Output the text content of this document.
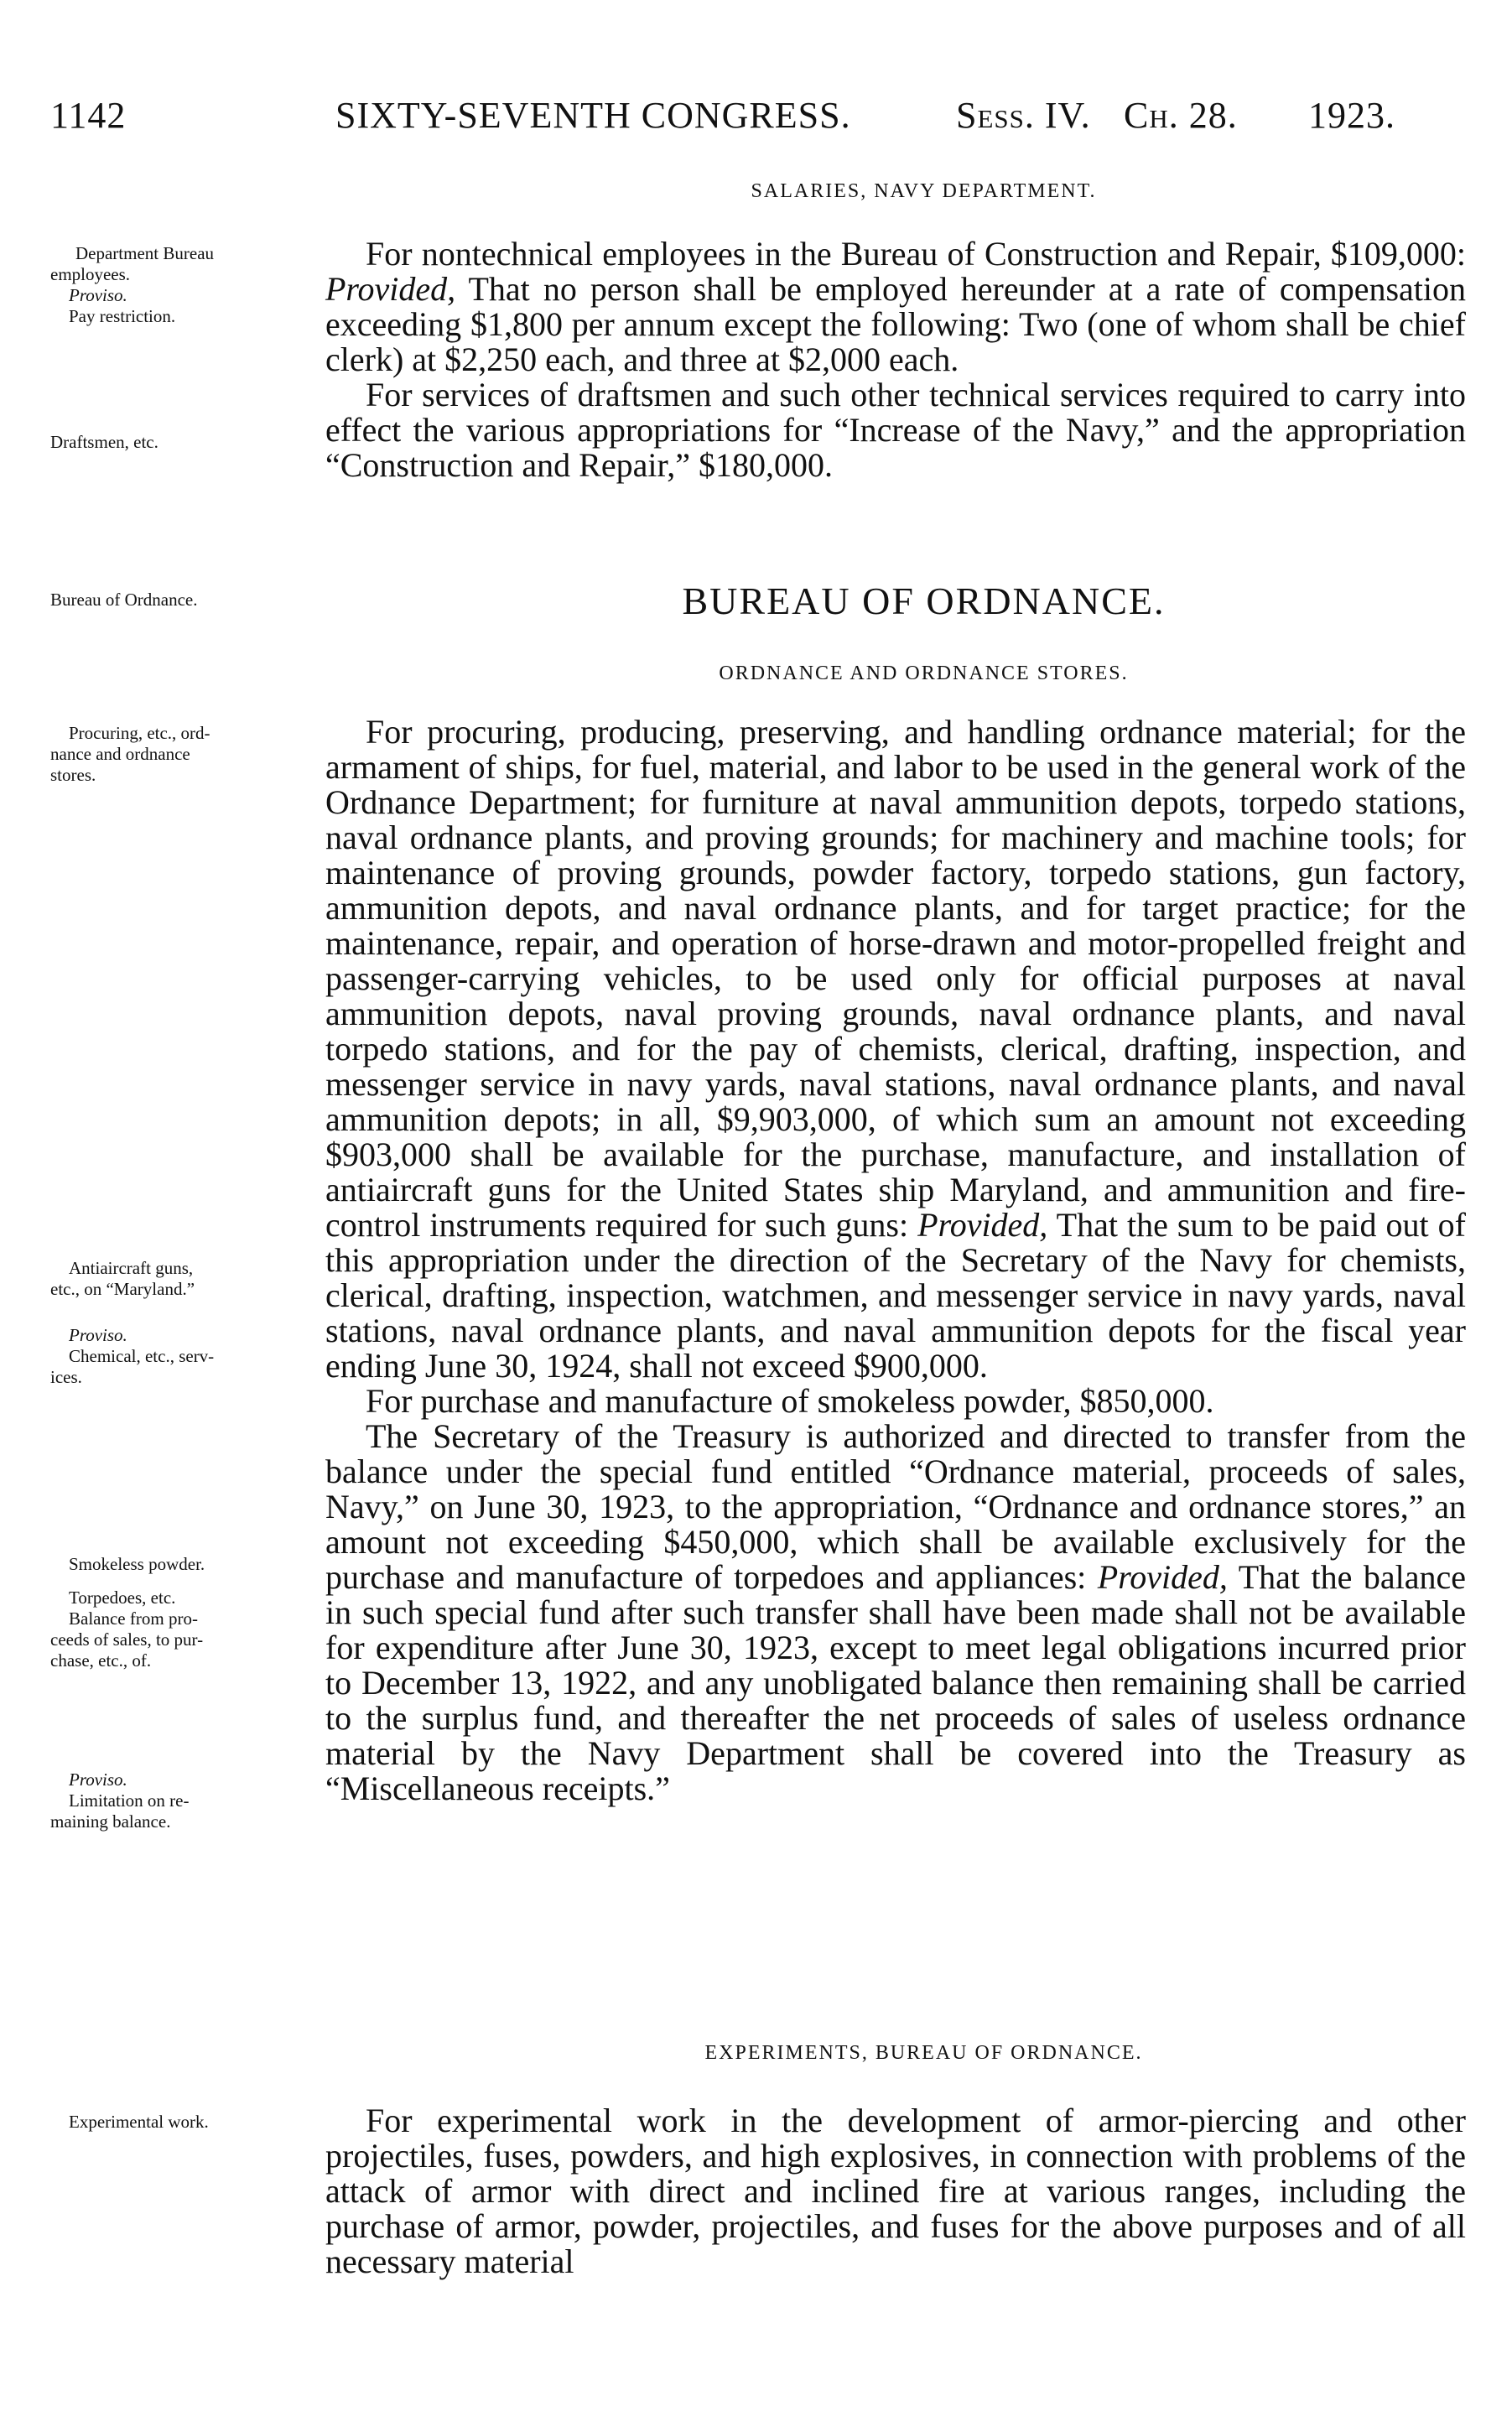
1142	SIXTY-SEVENTH CONGRESS.	Sess. IV. Ch. 28. 1923.
SALARIES, NAVY DEPARTMENT.
Department Bureau
employees.
Proviso.
Pay restriction.
Draftsmen, etc.
Bureau of Ordnance.
Procuring, etc., ord-
nance and ordnance
stores.
Antiaircraft guns,
etc., on “Maryland.”
Proviso.
Chemical, etc., serv-
ices.
Smokeless powder.
Torpedoes, etc.
Balance from pro-
ceeds of sales, to pur-
chase, etc., of.
Proviso.
Limitation on re-
maining balance.
Experimental work.

For nontechnical employees in the Bureau of Construction and Repair, $109,000: Provided, That no person shall be employed hereunder at a rate of compensation exceeding $1,800 per annum except the following: Two (one of whom shall be chief clerk) at $2,250 each, and three at $2,000 each.

For services of draftsmen and such other technical services required to carry into effect the various appropriations for “Increase of the Navy,” and the appropriation “Construction and Repair,” $180,000.

BUREAU OF ORDNANCE.
ORDNANCE AND ORDNANCE STORES.

For procuring, producing, preserving, and handling ordnance material; for the armament of ships, for fuel, material, and labor to be used in the general work of the Ordnance Department; for furniture at naval ammunition depots, torpedo stations, naval ordnance plants, and proving grounds; for machinery and machine tools; for maintenance of proving grounds, powder factory, torpedo stations, gun factory, ammunition depots, and naval ordnance plants, and for target practice; for the maintenance, repair, and operation of horse-drawn and motor-propelled freight and passenger-carrying vehicles, to be used only for official purposes at naval ammunition depots, naval proving grounds, naval ordnance plants, and naval torpedo stations, and for the pay of chemists, clerical, drafting, inspection, and messenger service in navy yards, naval stations, naval ordnance plants, and naval ammunition depots; in all, $9,903,000, of which sum an amount not exceeding $903,000 shall be available for the purchase, manufacture, and installation of antiaircraft guns for the United States ship Maryland, and ammunition and fire-control instruments required for such guns: Provided, That the sum to be paid out of this appropriation under the direction of the Secretary of the Navy for chemists, clerical, drafting, inspection, watchmen, and messenger service in navy yards, naval stations, naval ordnance plants, and naval ammunition depots for the fiscal year ending June 30, 1924, shall not exceed $900,000.

For purchase and manufacture of smokeless powder, $850,000.

The Secretary of the Treasury is authorized and directed to transfer from the balance under the special fund entitled “Ordnance material, proceeds of sales, Navy,” on June 30, 1923, to the appropriation, “Ordnance and ordnance stores,” an amount not exceeding $450,000, which shall be available exclusively for the purchase and manufacture of torpedoes and appliances: Provided, That the balance in such special fund after such transfer shall have been made shall not be available for expenditure after June 30, 1923, except to meet legal obligations incurred prior to December 13, 1922, and any unobligated balance then remaining shall be carried to the surplus fund, and thereafter the net proceeds of sales of useless ordnance material by the Navy Department shall be covered into the Treasury as “Miscellaneous receipts.”

EXPERIMENTS, BUREAU OF ORDNANCE.

For experimental work in the development of armor-piercing and other projectiles, fuses, powders, and high explosives, in connection with problems of the attack of armor with direct and inclined fire at various ranges, including the purchase of armor, powder, projectiles, and fuses for the above purposes and of all necessary material
